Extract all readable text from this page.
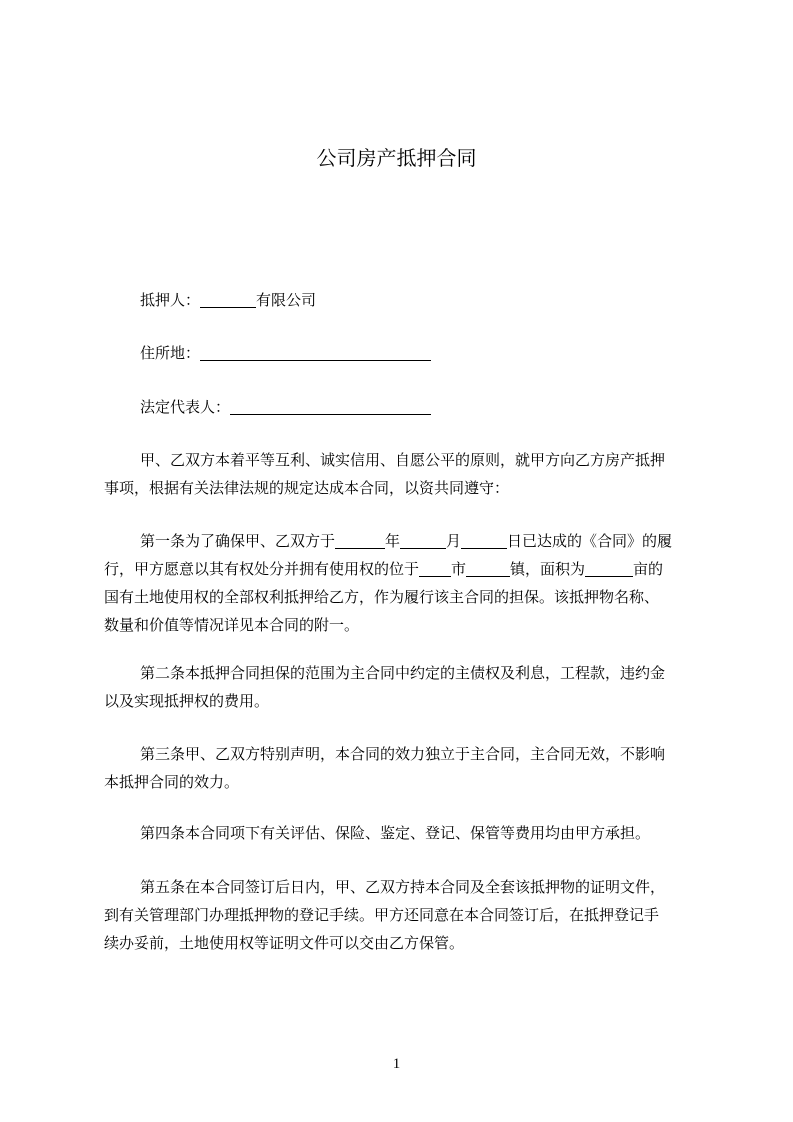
公司房产抵押合同
抵押人：	有限公司
住所地：
法定代表人：
甲、乙双方本着平等互利、诚实信用、自愿公平的原则，就甲方向乙方房产抵押
事项，根据有关法律法规的规定达成本合同，以资共同遵守：
第一条为了确保甲、乙双方于	年	月	日已达成的《合同》的履
行，甲方愿意以其有权处分并拥有使用权的位于 市	镇，面积为	亩的
国有土地使用权的全部权利抵押给乙方，作为履行该主合同的担保。该抵押物名称、
数量和价值等情况详见本合同的附一。
第二条本抵押合同担保的范围为主合同中约定的主债权及利息，工程款，违约金
以及实现抵押权的费用。
第三条甲、乙双方特别声明，本合同的效力独立于主合同，主合同无效，不影响
本抵押合同的效力。
第四条本合同项下有关评估、保险、鉴定、登记、保管等费用均由甲方承担。
第五条在本合同签订后日内，甲、乙双方持本合同及全套该抵押物的证明文件，
到有关管理部门办理抵押物的登记手续。甲方还同意在本合同签订后，在抵押登记手
续办妥前，土地使用权等证明文件可以交由乙方保管。
1
